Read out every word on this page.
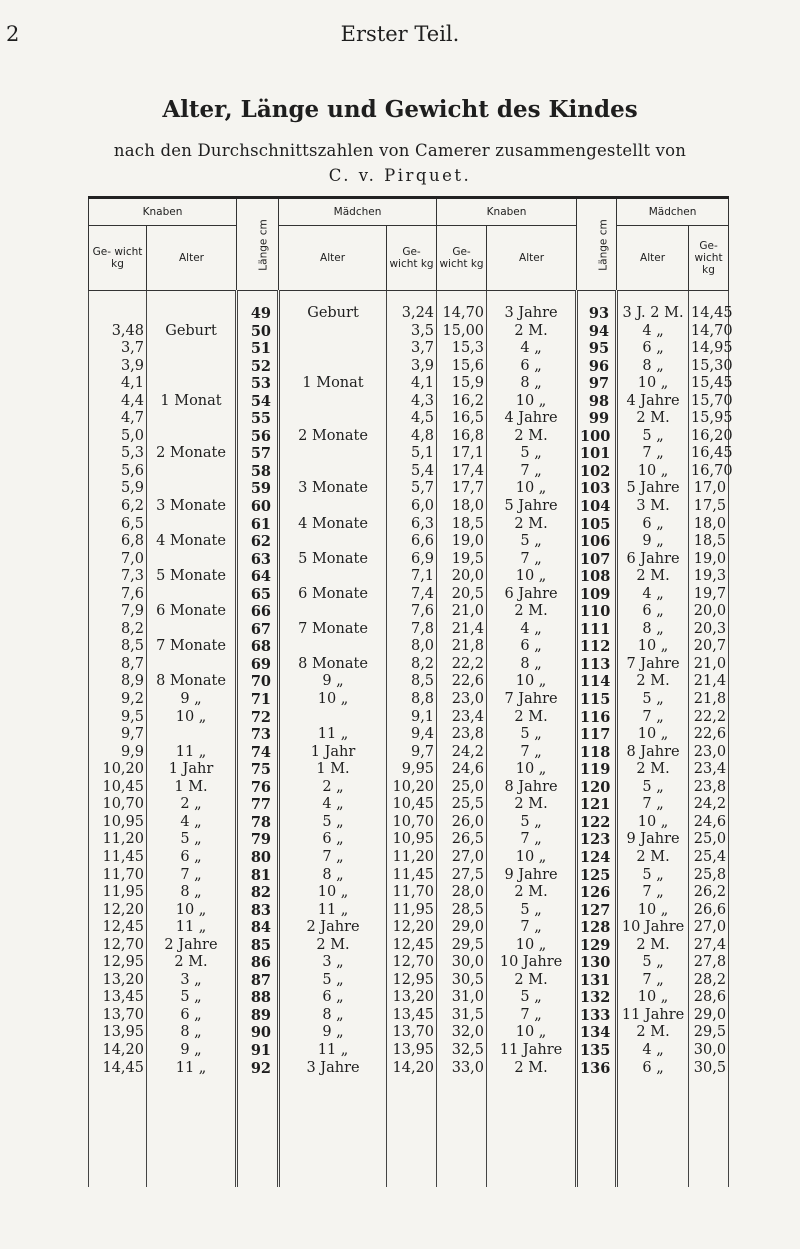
2	Erster Teil.
Alter, Länge und Gewicht des Kindes
nach den Durchschnittszahlen von Camerer zusammengestellt von
C. v. Pirquet.
Knaben		Länge cm	Mädchen		Knaben		Länge cm	Mädchen	
Ge- wicht kg	Alter		Alter	Ge- wicht kg	Ge- wicht kg	Alter		Alter	Ge- wicht kg

		49	Geburt	3,24	14,70	3 Jahre	93	3 J. 2 M.	14,45
3,48	Geburt	50		3,5	15,00	2 M.	94	4 „	14,70
3,7		51		3,7	15,3	4 „	95	6 „	14,95
3,9		52		3,9	15,6	6 „	96	8 „	15,30
4,1		53	1 Monat	4,1	15,9	8 „	97	10 „	15,45
4,4	1 Monat	54		4,3	16,2	10 „	98	4 Jahre	15,70
4,7		55		4,5	16,5	4 Jahre	99	2 M.	15,95
5,0		56	2 Monate	4,8	16,8	2 M.	100	5 „	16,20
5,3	2 Monate	57		5,1	17,1	5 „	101	7 „	16,45
5,6		58		5,4	17,4	7 „	102	10 „	16,70
5,9		59	3 Monate	5,7	17,7	10 „	103	5 Jahre	17,0
6,2	3 Monate	60		6,0	18,0	5 Jahre	104	3 M.	17,5
6,5		61	4 Monate	6,3	18,5	2 M.	105	6 „	18,0
6,8	4 Monate	62		6,6	19,0	5 „	106	9 „	18,5
7,0		63	5 Monate	6,9	19,5	7 „	107	6 Jahre	19,0
7,3	5 Monate	64		7,1	20,0	10 „	108	2 M.	19,3
7,6		65	6 Monate	7,4	20,5	6 Jahre	109	4 „	19,7
7,9	6 Monate	66		7,6	21,0	2 M.	110	6 „	20,0
8,2		67	7 Monate	7,8	21,4	4 „	111	8 „	20,3
8,5	7 Monate	68		8,0	21,8	6 „	112	10 „	20,7
8,7		69	8 Monate	8,2	22,2	8 „	113	7 Jahre	21,0
8,9	8 Monate	70	9 „	8,5	22,6	10 „	114	2 M.	21,4
9,2	9 „	71	10 „	8,8	23,0	7 Jahre	115	5 „	21,8
9,5	10 „	72		9,1	23,4	2 M.	116	7 „	22,2
9,7		73	11 „	9,4	23,8	5 „	117	10 „	22,6
9,9	11 „	74	1 Jahr	9,7	24,2	7 „	118	8 Jahre	23,0
10,20	1 Jahr	75	1 M.	9,95	24,6	10 „	119	2 M.	23,4
10,45	1 M.	76	2 „	10,20	25,0	8 Jahre	120	5 „	23,8
10,70	2 „	77	4 „	10,45	25,5	2 M.	121	7 „	24,2
10,95	4 „	78	5 „	10,70	26,0	5 „	122	10 „	24,6
11,20	5 „	79	6 „	10,95	26,5	7 „	123	9 Jahre	25,0
11,45	6 „	80	7 „	11,20	27,0	10 „	124	2 M.	25,4
11,70	7 „	81	8 „	11,45	27,5	9 Jahre	125	5 „	25,8
11,95	8 „	82	10 „	11,70	28,0	2 M.	126	7 „	26,2
12,20	10 „	83	11 „	11,95	28,5	5 „	127	10 „	26,6
12,45	11 „	84	2 Jahre	12,20	29,0	7 „	128	10 Jahre	27,0
12,70	2 Jahre	85	2 M.	12,45	29,5	10 „	129	2 M.	27,4
12,95	2 M.	86	3 „	12,70	30,0	10 Jahre	130	5 „	27,8
13,20	3 „	87	5 „	12,95	30,5	2 M.	131	7 „	28,2
13,45	5 „	88	6 „	13,20	31,0	5 „	132	10 „	28,6
13,70	6 „	89	8 „	13,45	31,5	7 „	133	11 Jahre	29,0
13,95	8 „	90	9 „	13,70	32,0	10 „	134	2 M.	29,5
14,20	9 „	91	11 „	13,95	32,5	11 Jahre	135	4 „	30,0
14,45	11 „	92	3 Jahre	14,20	33,0	2 M.	136	6 „	30,5
